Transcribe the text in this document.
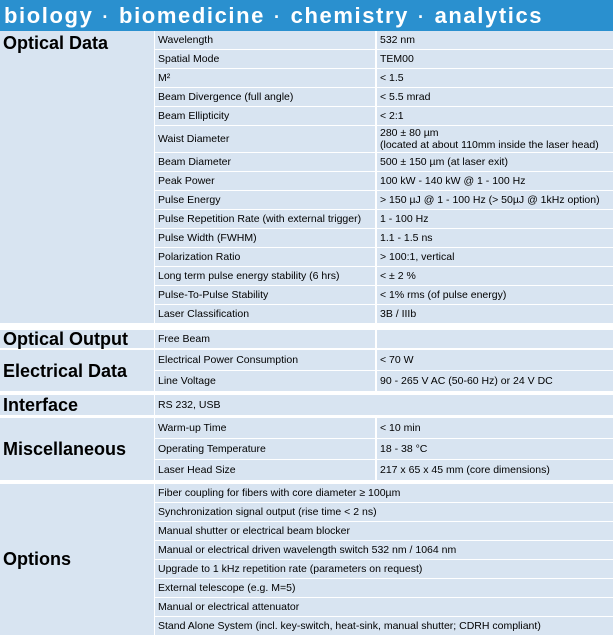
biology · biomedicine · chemistry · analytics
Optical Data	Wavelength	532 nm
Spatial Mode	TEM00
M²	< 1.5
Beam Divergence (full angle)	< 5.5 mrad
Beam Ellipticity	< 2:1
Waist Diameter	280 ± 80 µm
(located at about 110mm inside the laser head)
Beam Diameter	500 ± 150 µm (at laser exit)
Peak Power	100 kW - 140 kW @ 1 - 100 Hz
Pulse Energy	> 150 µJ @ 1 - 100 Hz (> 50µJ @ 1kHz option)
Pulse Repetition Rate (with external trigger)	1 - 100 Hz
Pulse Width (FWHM)	1.1 - 1.5 ns
Polarization Ratio	> 100:1, vertical
Long term pulse energy stability (6 hrs)	< ± 2 %
Pulse-To-Pulse Stability	< 1% rms (of pulse energy)
Laser Classification	3B / IIIb
Optical Output	Free Beam
Electrical Data
Electrical Power Consumption	< 70 W
Line Voltage	90 - 265 V AC (50-60 Hz) or 24 V DC
Interface	RS 232, USB
Miscellaneous
Warm-up Time	< 10 min
Operating Temperature	18 - 38 °C
Laser Head Size	217 x 65 x 45 mm (core dimensions)
Options
Fiber coupling for fibers with core diameter ≥ 100µm
Synchronization signal output (rise time < 2 ns)
Manual shutter or electrical beam blocker
Manual or electrical driven wavelength switch 532 nm / 1064 nm
Upgrade to 1 kHz repetition rate (parameters on request)
External telescope (e.g. M=5)
Manual or electrical attenuator
Stand Alone System (incl. key-switch, heat-sink, manual shutter; CDRH compliant)
